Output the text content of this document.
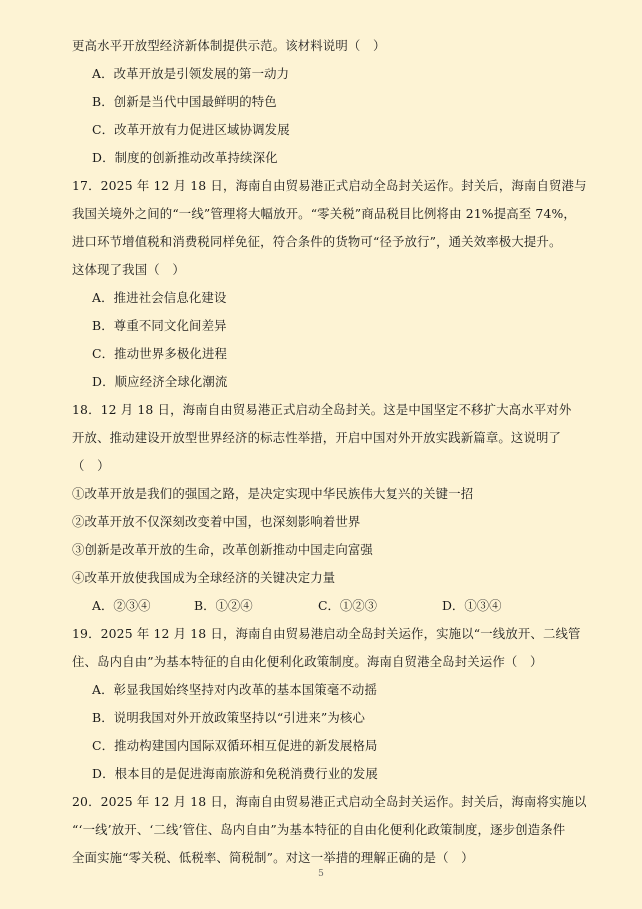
更高水平开放型经济新体制提供示范。该材料说明（　）
A．改革开放是引领发展的第一动力
B．创新是当代中国最鲜明的特色
C．改革开放有力促进区域协调发展
D．制度的创新推动改革持续深化
17．2025 年 12 月 18 日，海南自由贸易港正式启动全岛封关运作。封关后，海南自贸港与
我国关境外之间的“一线”管理将大幅放开。“零关税”商品税目比例将由 21%提高至 74%，
进口环节增值税和消费税同样免征，符合条件的货物可“径予放行”，通关效率极大提升。
这体现了我国（　）
A．推进社会信息化建设
B．尊重不同文化间差异
C．推动世界多极化进程
D．顺应经济全球化潮流
18．12 月 18 日，海南自由贸易港正式启动全岛封关。这是中国坚定不移扩大高水平对外
开放、推动建设开放型世界经济的标志性举措，开启中国对外开放实践新篇章。这说明了
（　）
①改革开放是我们的强国之路，是决定实现中华民族伟大复兴的关键一招
②改革开放不仅深刻改变着中国，也深刻影响着世界
③创新是改革开放的生命，改革创新推动中国走向富强
④改革开放使我国成为全球经济的关键决定力量
A．②③④	B．①②④	C．①②③	D．①③④
19．2025 年 12 月 18 日，海南自由贸易港启动全岛封关运作，实施以“一线放开、二线管
住、岛内自由”为基本特征的自由化便利化政策制度。海南自贸港全岛封关运作（　）
A．彰显我国始终坚持对内改革的基本国策毫不动摇
B．说明我国对外开放政策坚持以“引进来”为核心
C．推动构建国内国际双循环相互促进的新发展格局
D．根本目的是促进海南旅游和免税消费行业的发展
20．2025 年 12 月 18 日，海南自由贸易港正式启动全岛封关运作。封关后，海南将实施以
“‘一线’放开、‘二线’管住、岛内自由”为基本特征的自由化便利化政策制度，逐步创造条件
全面实施“零关税、低税率、简税制”。对这一举措的理解正确的是（　）
5
